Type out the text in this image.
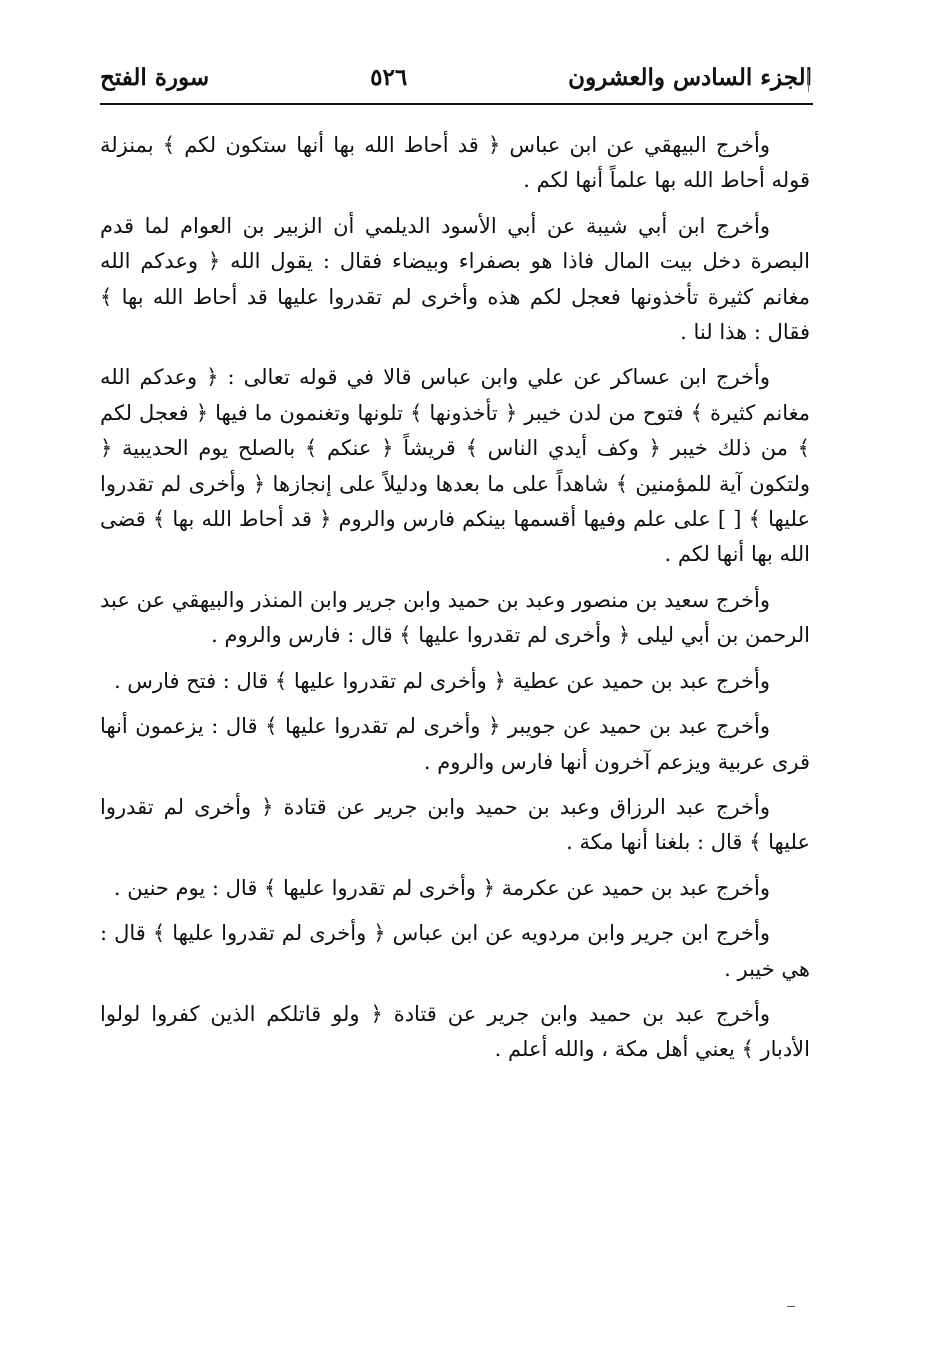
الجزء السادس والعشرون
٥٢٦
سورة الفتح

وأخرج البيهقي عن ابن عباس ﴿ قد أحاط الله بها أنها ستكون لكم ﴾ بمنزلة قوله أحاط الله بها علماً أنها لكم .

وأخرج ابن أبي شيبة عن أبي الأسود الديلمي أن الزبير بن العوام لما قدم البصرة دخل بيت المال فاذا هو بصفراء وبيضاء فقال : يقول الله ﴿ وعدكم الله مغانم كثيرة تأخذونها فعجل لكم هذه وأخرى لم تقدروا عليها قد أحاط الله بها ﴾ فقال : هذا لنا .

وأخرج ابن عساكر عن علي وابن عباس قالا في قوله تعالى : ﴿ وعدكم الله مغانم كثيرة ﴾ فتوح من لدن خيبر ﴿ تأخذونها ﴾ تلونها وتغنمون ما فيها ﴿ فعجل لكم ﴾ من ذلك خيبر ﴿ وكف أيدي الناس ﴾ قريشاً ﴿ عنكم ﴾ بالصلح يوم الحديبية ﴿ ولتكون آية للمؤمنين ﴾ شاهداً على ما بعدها ودليلاً على إنجازها ﴿ وأخرى لم تقدروا عليها ﴾ [ ] على علم وفيها أقسمها بينكم فارس والروم ﴿ قد أحاط الله بها ﴾ قضى الله بها أنها لكم .

وأخرج سعيد بن منصور وعبد بن حميد وابن جرير وابن المنذر والبيهقي عن عبد الرحمن بن أبي ليلى ﴿ وأخرى لم تقدروا عليها ﴾ قال : فارس والروم .

وأخرج عبد بن حميد عن عطية ﴿ وأخرى لم تقدروا عليها ﴾ قال : فتح فارس .

وأخرج عبد بن حميد عن جويبر ﴿ وأخرى لم تقدروا عليها ﴾ قال : يزعمون أنها قرى عربية ويزعم آخرون أنها فارس والروم .

وأخرج عبد الرزاق وعبد بن حميد وابن جرير عن قتادة ﴿ وأخرى لم تقدروا عليها ﴾ قال : بلغنا أنها مكة .

وأخرج عبد بن حميد عن عكرمة ﴿ وأخرى لم تقدروا عليها ﴾ قال : يوم حنين .

وأخرج ابن جرير وابن مردويه عن ابن عباس ﴿ وأخرى لم تقدروا عليها ﴾ قال : هي خيبر .

وأخرج عبد بن حميد وابن جرير عن قتادة ﴿ ولو قاتلكم الذين كفروا لولوا الأدبار ﴾ يعني أهل مكة ، والله أعلم .
